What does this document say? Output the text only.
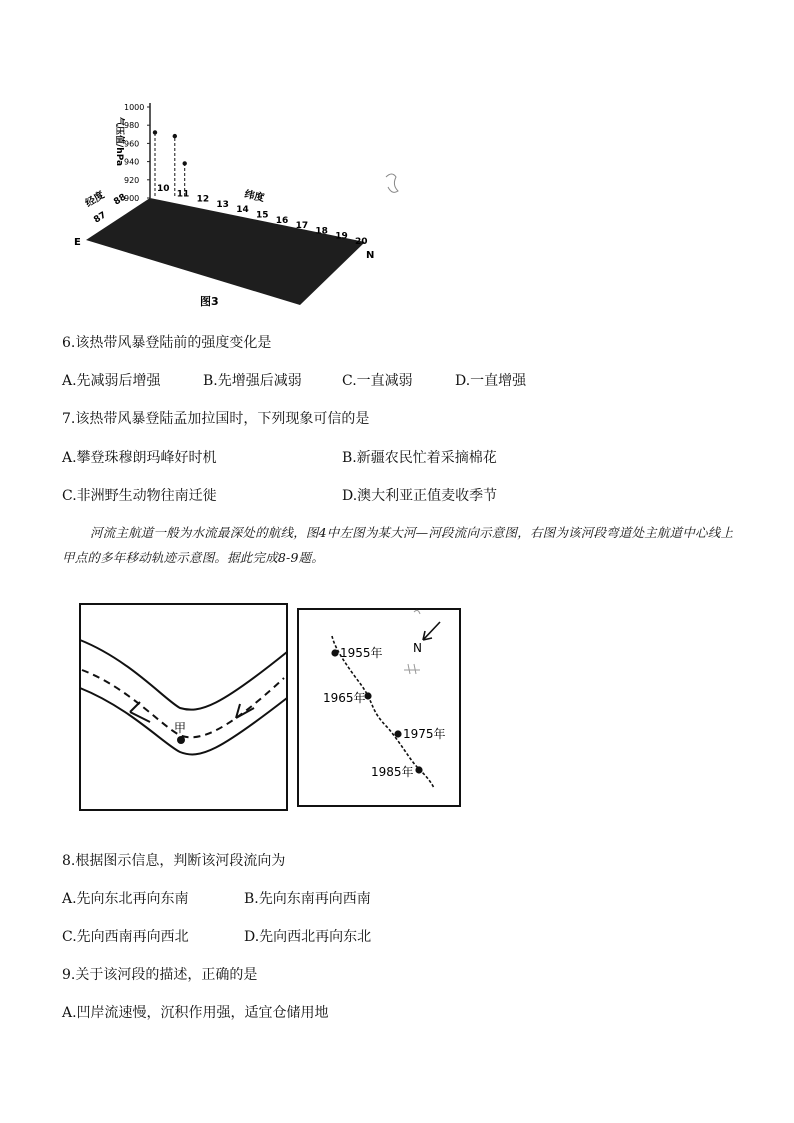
1000
980
960
940
920
900
气压值/hPa
经度
87
88
E
纬度
10
11
12
13
14
15
16
17
18
19
20
N
图3
6.该热带风暴登陆前的强度变化是
A.先减弱后增强	B.先增强后减弱	C.一直减弱	D.一直增强
7.该热带风暴登陆孟加拉国时，下列现象可信的是
A.攀登珠穆朗玛峰好时机	B.新疆农民忙着采摘棉花
C.非洲野生动物往南迁徙	D.澳大利亚正值麦收季节
河流主航道一般为水流最深处的航线，图4中左图为某大河—河段流向示意图，右图为该河段弯道处主航道中心线上甲点的多年移动轨迹示意图。据此完成8-9题。
甲
1955年
1965年
1975年
1985年
N
8.根据图示信息，判断该河段流向为
A.先向东北再向东南	B.先向东南再向西南
C.先向西南再向西北	D.先向西北再向东北
9.关于该河段的描述，正确的是
A.凹岸流速慢，沉积作用强，适宜仓储用地
